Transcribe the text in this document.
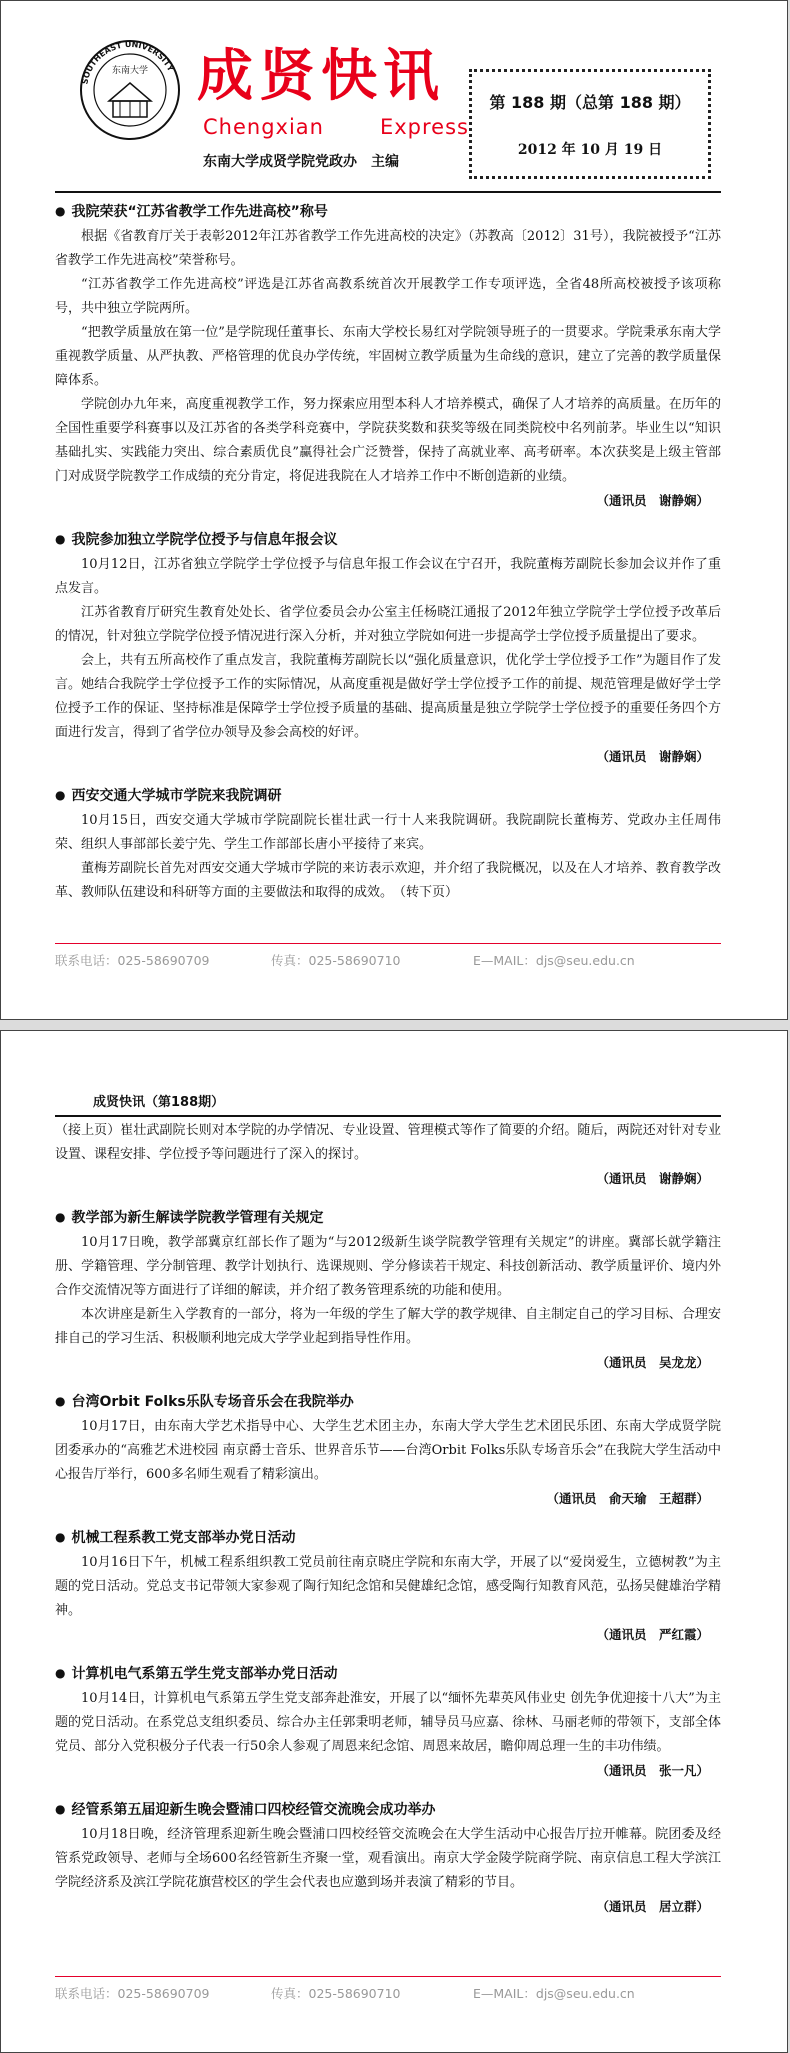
SOUTHEAST UNIVERSITY
东南大学 成贤快讯
Chengxian	Express
东南大学成贤学院党政办　主编
第 188 期（总第 188 期）
2012 年 10 月 19 日
● 我院荣获“江苏省教学工作先进高校”称号

根据《省教育厅关于表彰2012年江苏省教学工作先进高校的决定》（苏教高〔2012〕31号），我院被授予“江苏省教学工作先进高校”荣誉称号。

“江苏省教学工作先进高校”评选是江苏省高教系统首次开展教学工作专项评选，全省48所高校被授予该项称号，共中独立学院两所。

“把教学质量放在第一位”是学院现任董事长、东南大学校长易红对学院领导班子的一贯要求。学院秉承东南大学重视教学质量、从严执教、严格管理的优良办学传统，牢固树立教学质量为生命线的意识，建立了完善的教学质量保障体系。

学院创办九年来，高度重视教学工作，努力探索应用型本科人才培养模式，确保了人才培养的高质量。在历年的全国性重要学科赛事以及江苏省的各类学科竞赛中，学院获奖数和获奖等级在同类院校中名列前茅。毕业生以“知识基础扎实、实践能力突出、综合素质优良”赢得社会广泛赞誉，保持了高就业率、高考研率。本次获奖是上级主管部门对成贤学院教学工作成绩的充分肯定，将促进我院在人才培养工作中不断创造新的业绩。

（通讯员　谢静娴）
● 我院参加独立学院学位授予与信息年报会议

10月12日，江苏省独立学院学士学位授予与信息年报工作会议在宁召开，我院董梅芳副院长参加会议并作了重点发言。

江苏省教育厅研究生教育处处长、省学位委员会办公室主任杨晓江通报了2012年独立学院学士学位授予改革后的情况，针对独立学院学位授予情况进行深入分析，并对独立学院如何进一步提高学士学位授予质量提出了要求。

会上，共有五所高校作了重点发言，我院董梅芳副院长以“强化质量意识，优化学士学位授予工作”为题目作了发言。她结合我院学士学位授予工作的实际情况，从高度重视是做好学士学位授予工作的前提、规范管理是做好学士学位授予工作的保证、坚持标准是保障学士学位授予质量的基础、提高质量是独立学院学士学位授予的重要任务四个方面进行发言，得到了省学位办领导及参会高校的好评。

（通讯员　谢静娴）
● 西安交通大学城市学院来我院调研

10月15日，西安交通大学城市学院副院长崔壮武一行十人来我院调研。我院副院长董梅芳、党政办主任周伟荣、组织人事部部长姜宁先、学生工作部部长唐小平接待了来宾。

董梅芳副院长首先对西安交通大学城市学院的来访表示欢迎，并介绍了我院概况，以及在人才培养、教育教学改革、教师队伍建设和科研等方面的主要做法和取得的成效。　（转下页）

联系电话：025-58690709	传真：025-58690710	E—MAIL：djs@seu.edu.cn
成贤快讯（第188期）

（接上页）崔壮武副院长则对本学院的办学情况、专业设置、管理模式等作了简要的介绍。随后，两院还对针对专业设置、课程安排、学位授予等问题进行了深入的探讨。

（通讯员　谢静娴）
● 教学部为新生解读学院教学管理有关规定

10月17日晚，教学部冀京红部长作了题为“与2012级新生谈学院教学管理有关规定”的讲座。冀部长就学籍注册、学籍管理、学分制管理、教学计划执行、选课规则、学分修读若干规定、科技创新活动、教学质量评价、境内外合作交流情况等方面进行了详细的解读，并介绍了教务管理系统的功能和使用。

本次讲座是新生入学教育的一部分，将为一年级的学生了解大学的教学规律、自主制定自己的学习目标、合理安排自己的学习生活、积极顺利地完成大学学业起到指导性作用。

（通讯员　吴龙龙）
● 台湾Orbit Folks乐队专场音乐会在我院举办

10月17日，由东南大学艺术指导中心、大学生艺术团主办，东南大学大学生艺术团民乐团、东南大学成贤学院团委承办的“高雅艺术进校园 南京爵士音乐、世界音乐节——台湾Orbit Folks乐队专场音乐会”在我院大学生活动中心报告厅举行，600多名师生观看了精彩演出。

（通讯员　俞天瑜　王超群）
● 机械工程系教工党支部举办党日活动

10月16日下午，机械工程系组织教工党员前往南京晓庄学院和东南大学，开展了以“爱岗爱生，立德树教”为主题的党日活动。党总支书记带领大家参观了陶行知纪念馆和吴健雄纪念馆，感受陶行知教育风范，弘扬吴健雄治学精神。

（通讯员　严红霞）
● 计算机电气系第五学生党支部举办党日活动

10月14日，计算机电气系第五学生党支部奔赴淮安，开展了以“缅怀先辈英风伟业史 创先争优迎接十八大”为主题的党日活动。在系党总支组织委员、综合办主任郭秉明老师，辅导员马应嘉、徐林、马丽老师的带领下，支部全体党员、部分入党积极分子代表一行50余人参观了周恩来纪念馆、周恩来故居，瞻仰周总理一生的丰功伟绩。

（通讯员　张一凡）
● 经管系第五届迎新生晚会暨浦口四校经管交流晚会成功举办

10月18日晚，经济管理系迎新生晚会暨浦口四校经管交流晚会在大学生活动中心报告厅拉开帷幕。院团委及经管系党政领导、老师与全场600名经管新生齐聚一堂，观看演出。南京大学金陵学院商学院、南京信息工程大学滨江学院经济系及滨江学院花旗营校区的学生会代表也应邀到场并表演了精彩的节目。

（通讯员　居立群）
联系电话：025-58690709	传真：025-58690710	E—MAIL：djs@seu.edu.cn
